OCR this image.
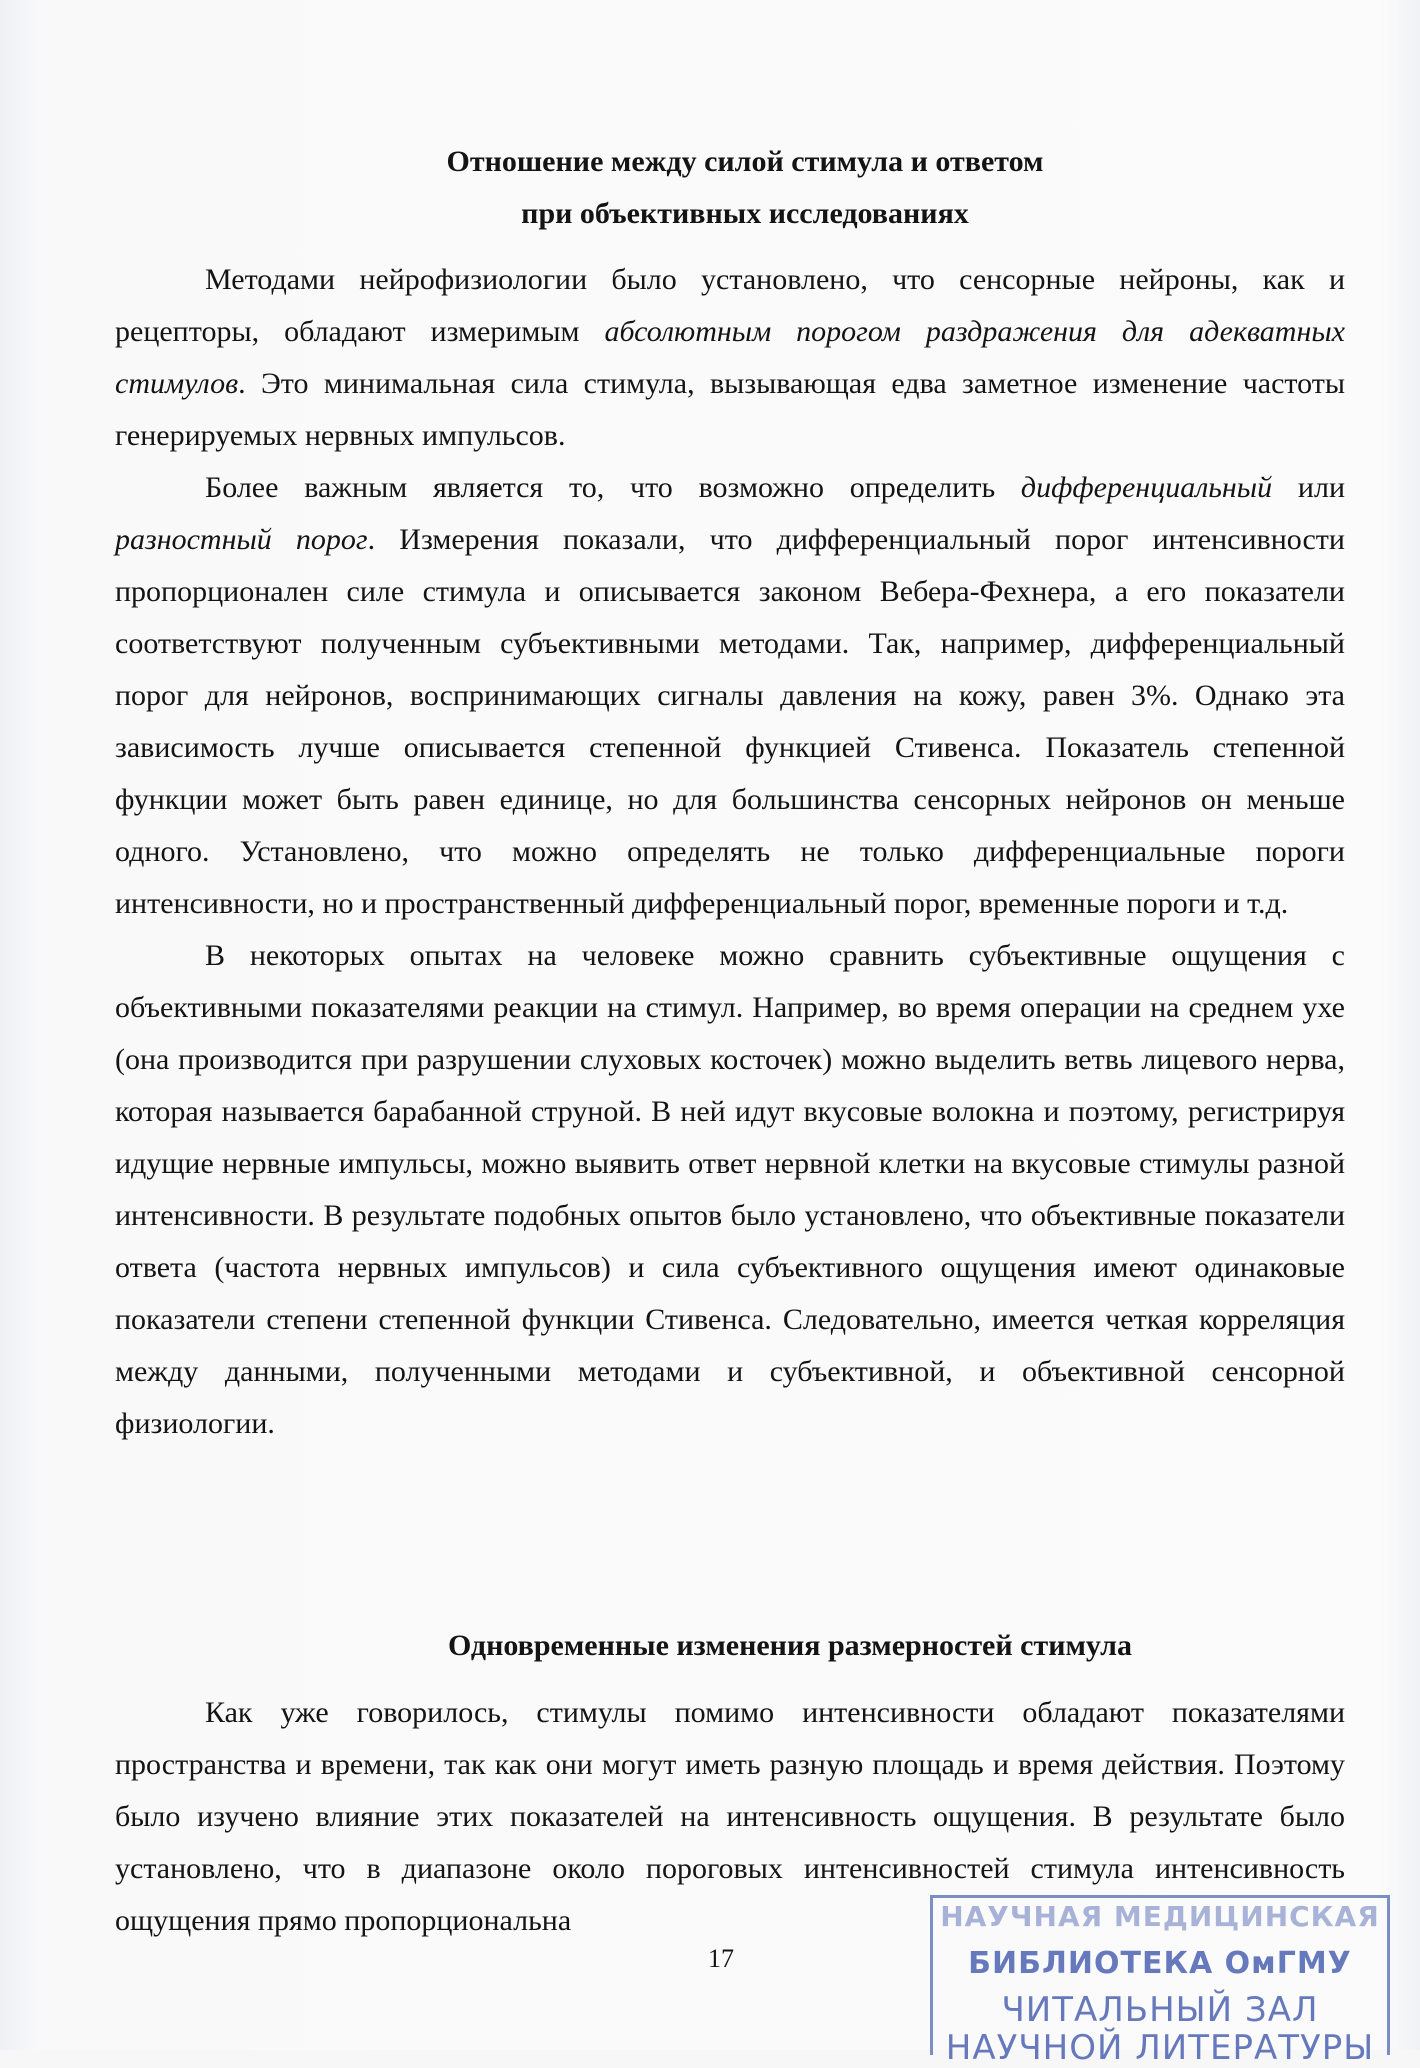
Отношение между силой стимула и ответом
при объективных исследованиях

Методами нейрофизиологии было установлено, что сенсорные нейроны, как и рецепторы, обладают измеримым абсолютным порогом раздражения для адекватных стимулов. Это минимальная сила стимула, вызывающая едва заметное изменение частоты генерируемых нервных импульсов.

Более важным является то, что возможно определить дифференциальный или разностный порог. Измерения показали, что дифференциальный порог интенсивности пропорционален силе стимула и описывается законом Вебера-Фехнера, а его показатели соответствуют полученным субъективными методами. Так, например, дифференциальный порог для нейронов, воспринимающих сигналы давления на кожу, равен 3%. Однако эта зависимость лучше описывается степенной функцией Стивенса. Показатель степенной функции может быть равен единице, но для большинства сенсорных нейронов он меньше одного. Установлено, что можно определять не только дифференциальные пороги интенсивности, но и пространственный дифференциальный порог, временные пороги и т.д.

В некоторых опытах на человеке можно сравнить субъективные ощущения с объективными показателями реакции на стимул. Например, во время операции на среднем ухе (она производится при разрушении слуховых косточек) можно выделить ветвь лицевого нерва, которая называется барабанной струной. В ней идут вкусовые волокна и поэтому, регистрируя идущие нервные импульсы, можно выявить ответ нервной клетки на вкусовые стимулы разной интенсивности. В результате подобных опытов было установлено, что объективные показатели ответа (частота нервных импульсов) и сила субъективного ощущения имеют одинаковые показатели степени степенной функции Стивенса. Следовательно, имеется четкая корреляция между данными, полученными методами и субъективной, и объективной сенсорной физиологии.

Одновременные изменения размерностей стимула

Как уже говорилось, стимулы помимо интенсивности обладают показателями пространства и времени, так как они могут иметь разную площадь и время действия. Поэтому было изучено влияние этих показателей на интенсивность ощущения. В результате было установлено, что в диапазоне около пороговых интенсивностей стимула интенсивность ощущения прямо пропорциональна

17
НАУЧНАЯ МЕДИЦИНСКАЯ
БИБЛИОТЕКА ОмГМУ
ЧИТАЛЬНЫЙ ЗАЛ
НАУЧНОЙ ЛИТЕРАТУРЫ
